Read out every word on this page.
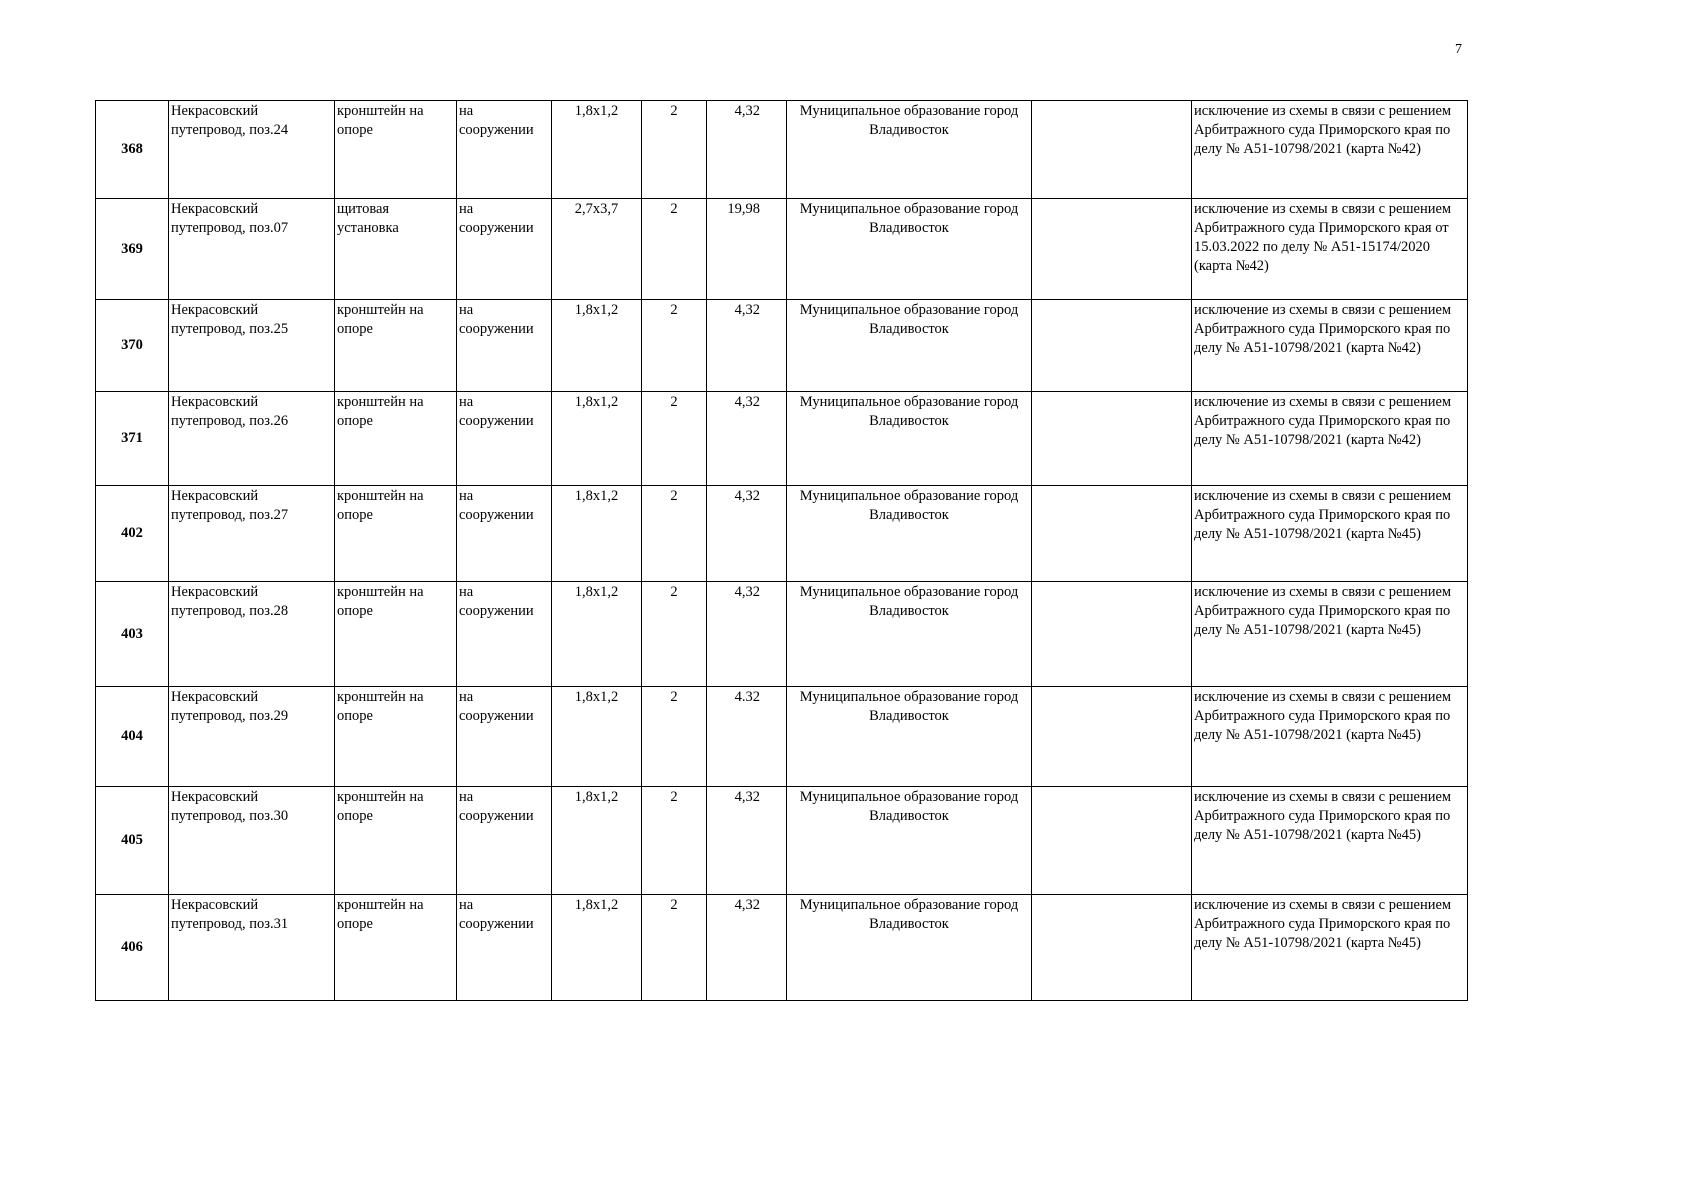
7
368	Некрасовский путепровод, поз.24	кронштейн на опоре	на сооружении	1,8x1,2	2	4,32	Муниципальное образование город
Владивосток		исключение из схемы в связи с решением Арбитражного суда Приморского края по делу № А51-10798/2021 (карта №42)
369	Некрасовский путепровод, поз.07	щитовая установка	на сооружении	2,7x3,7	2	19,98	Муниципальное образование город
Владивосток		исключение из схемы в связи с решением Арбитражного суда Приморского края от 15.03.2022 по делу № А51-15174/2020 (карта №42)
370	Некрасовский путепровод, поз.25	кронштейн на опоре	на сооружении	1,8x1,2	2	4,32	Муниципальное образование город
Владивосток		исключение из схемы в связи с решением Арбитражного суда Приморского края по делу № А51-10798/2021 (карта №42)
371	Некрасовский путепровод, поз.26	кронштейн на опоре	на сооружении	1,8x1,2	2	4,32	Муниципальное образование город
Владивосток		исключение из схемы в связи с решением Арбитражного суда Приморского края по делу № А51-10798/2021 (карта №42)
402	Некрасовский путепровод, поз.27	кронштейн на опоре	на сооружении	1,8x1,2	2	4,32	Муниципальное образование город
Владивосток		исключение из схемы в связи с решением Арбитражного суда Приморского края по делу № А51-10798/2021 (карта №45)
403	Некрасовский путепровод, поз.28	кронштейн на опоре	на сооружении	1,8x1,2	2	4,32	Муниципальное образование город
Владивосток		исключение из схемы в связи с решением Арбитражного суда Приморского края по делу № А51-10798/2021 (карта №45)
404	Некрасовский путепровод, поз.29	кронштейн на опоре	на сооружении	1,8x1,2	2	4.32	Муниципальное образование город
Владивосток		исключение из схемы в связи с решением Арбитражного суда Приморского края по делу № А51-10798/2021 (карта №45)
405	Некрасовский путепровод, поз.30	кронштейн на опоре	на сооружении	1,8x1,2	2	4,32	Муниципальное образование город
Владивосток		исключение из схемы в связи с решением Арбитражного суда Приморского края по делу № А51-10798/2021 (карта №45)
406	Некрасовский путепровод, поз.31	кронштейн на опоре	на сооружении	1,8x1,2	2	4,32	Муниципальное образование город
Владивосток		исключение из схемы в связи с решением Арбитражного суда Приморского края по делу № А51-10798/2021 (карта №45)
